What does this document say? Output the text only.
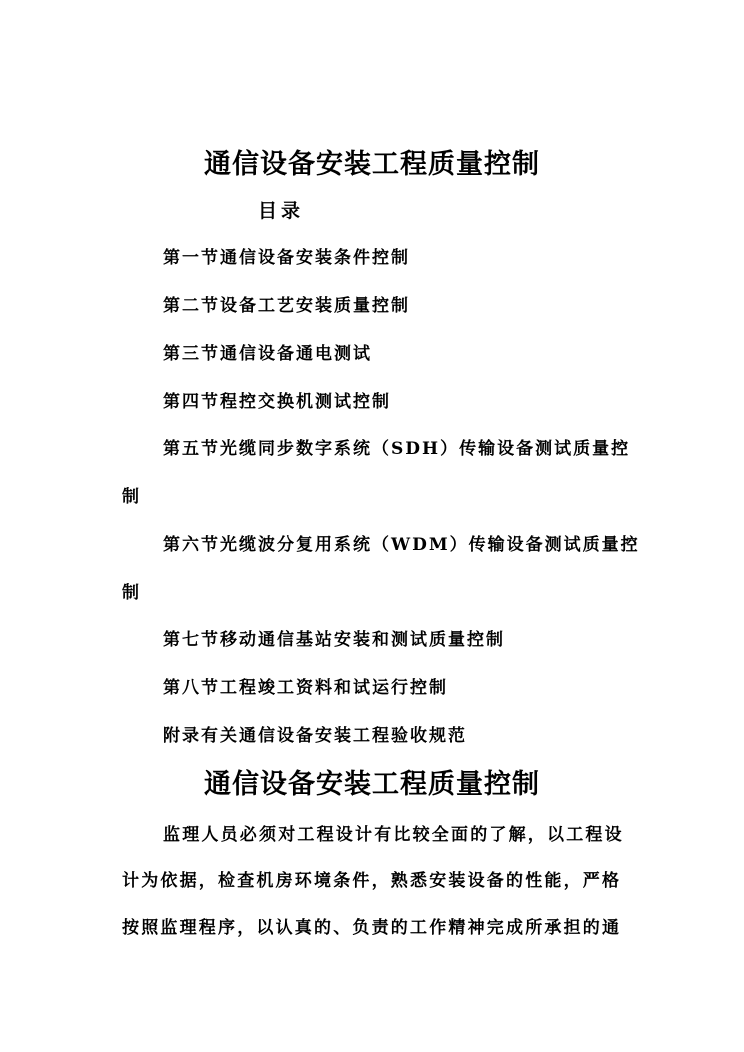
通信设备安装工程质量控制
目录
第一节通信设备安装条件控制
第二节设备工艺安装质量控制
第三节通信设备通电测试
第四节程控交换机测试控制
第五节光缆同步数字系统（SDH）传输设备测试质量控
制
第六节光缆波分复用系统（WDM）传输设备测试质量控
制
第七节移动通信基站安装和测试质量控制
第八节工程竣工资料和试运行控制
附录有关通信设备安装工程验收规范
通信设备安装工程质量控制
监理人员必须对工程设计有比较全面的了解，以工程设
计为依据，检查机房环境条件，熟悉安装设备的性能，严格
按照监理程序，以认真的、负责的工作精神完成所承担的通
